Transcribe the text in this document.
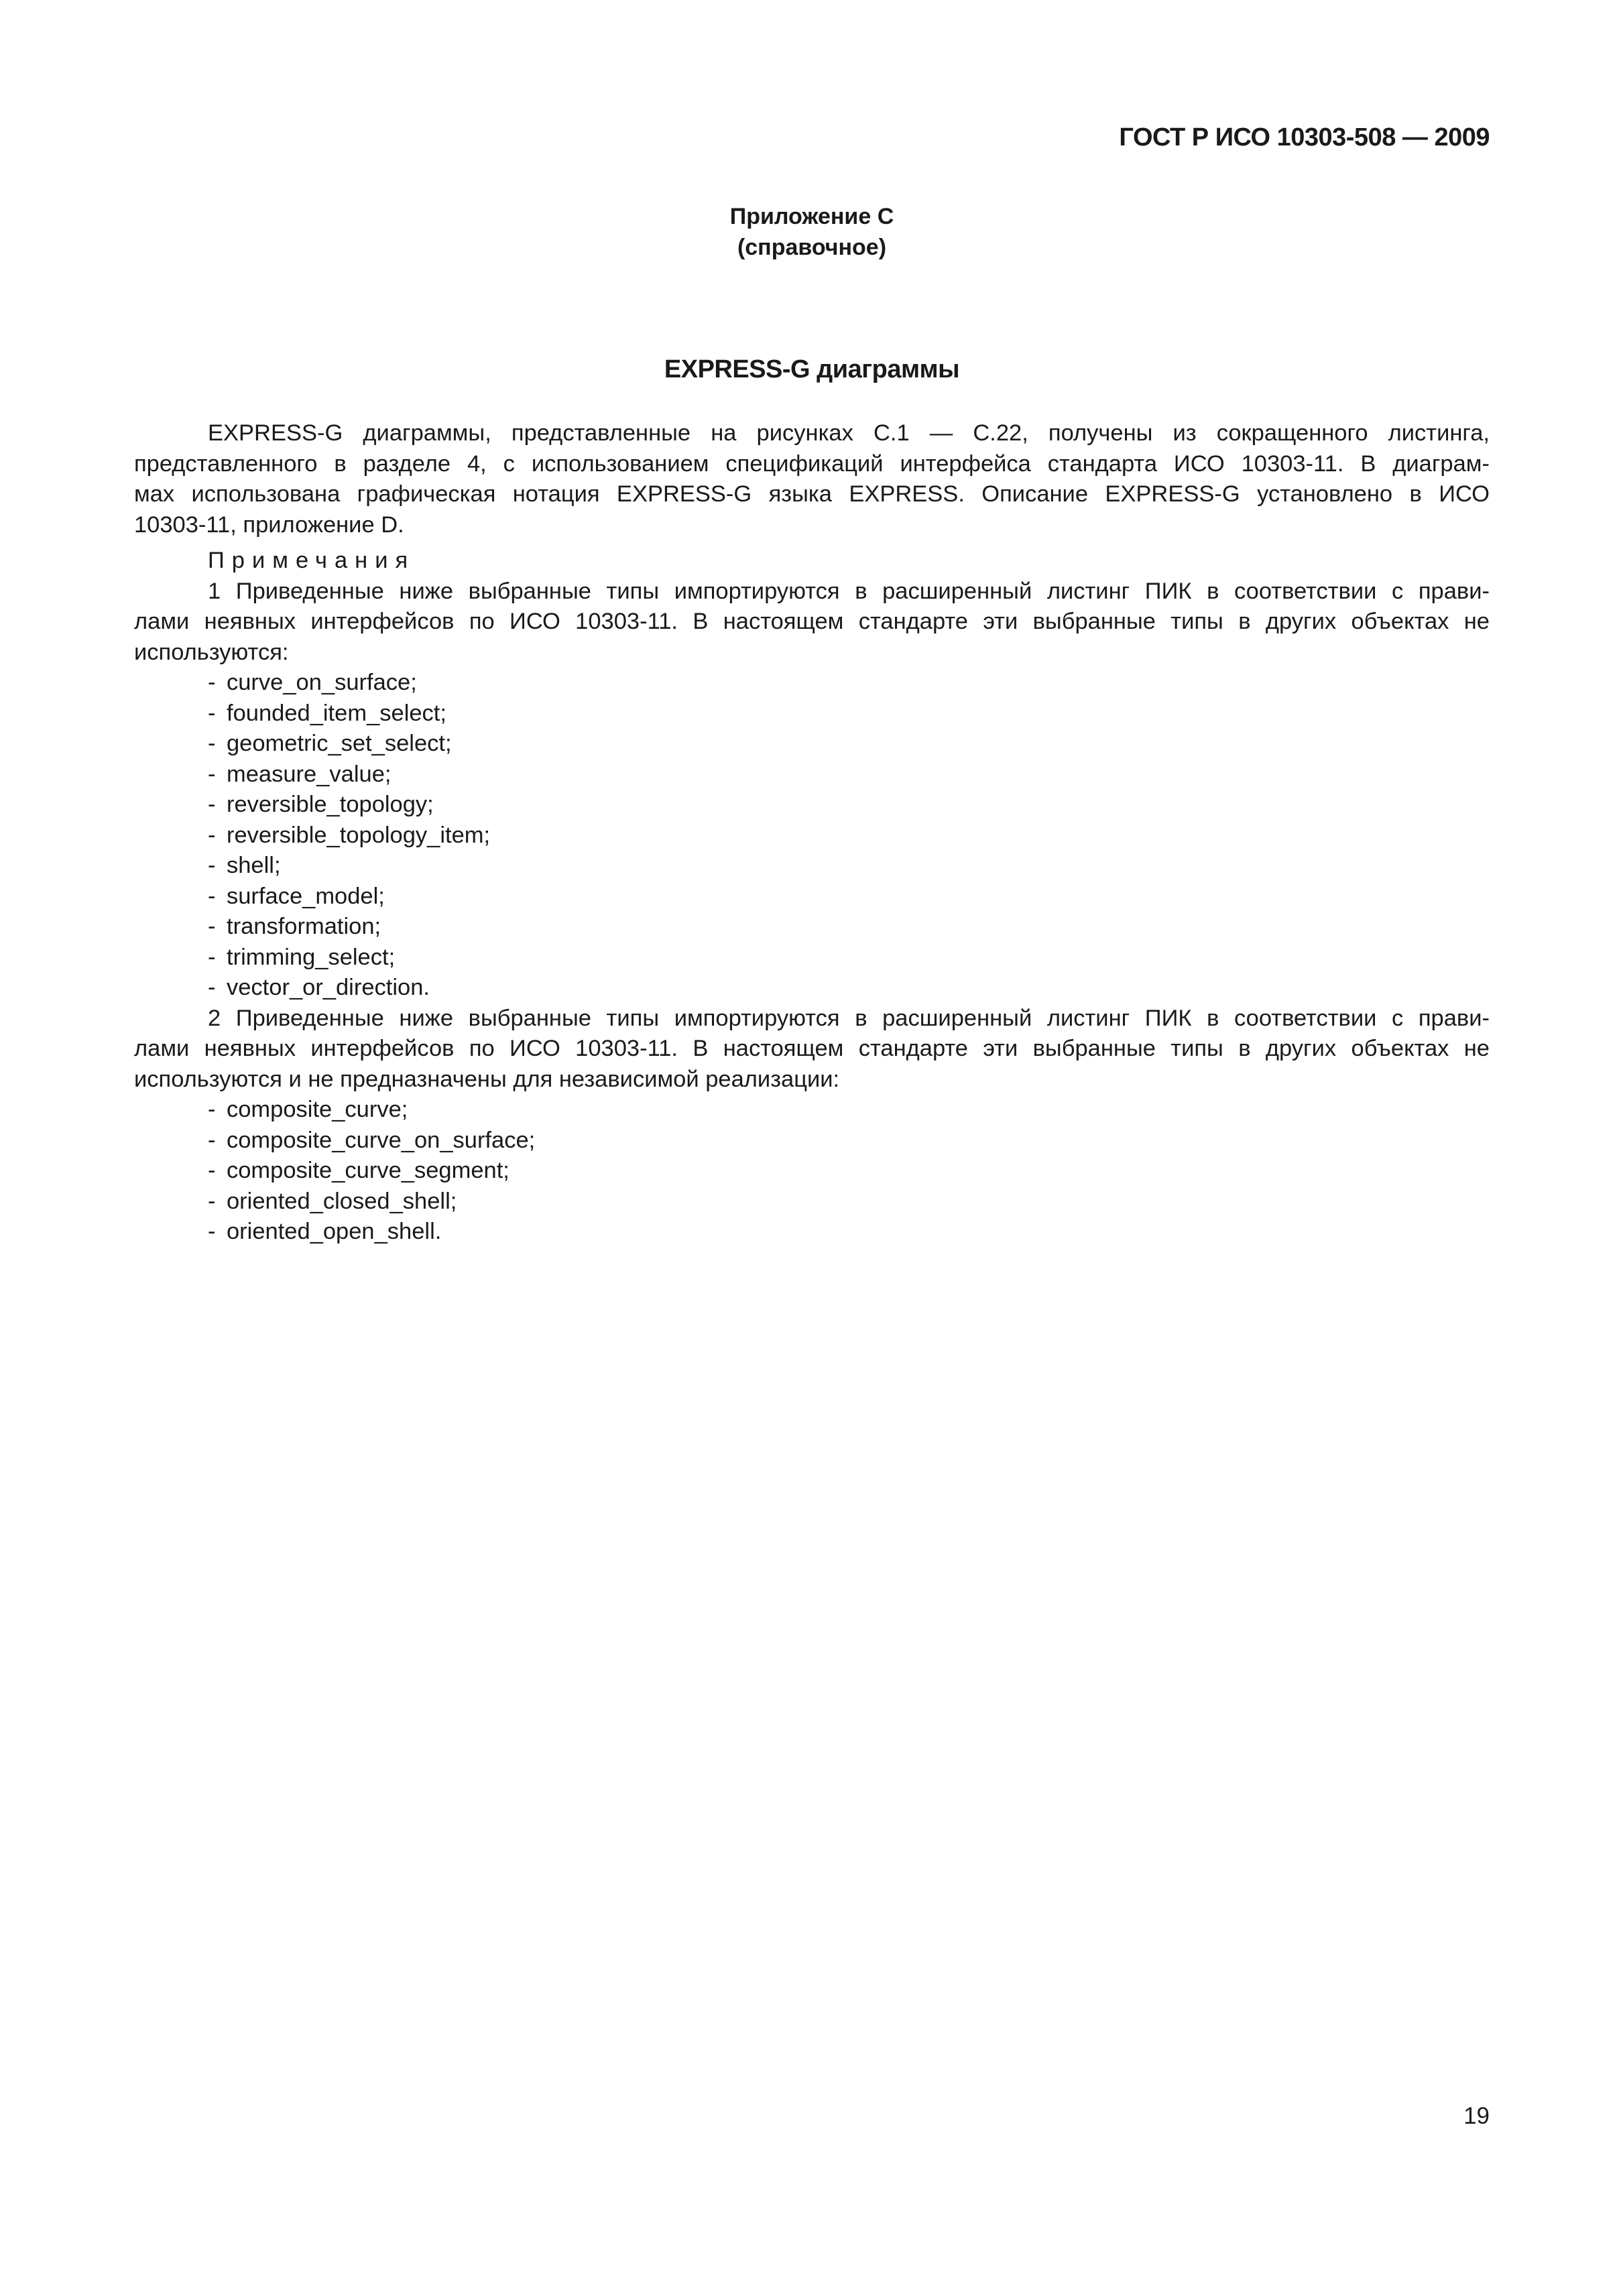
ГОСТ Р ИСО 10303-508 — 2009
Приложение С
(справочное)
EXPRESS-G диаграммы
EXPRESS-G диаграммы, представленные на рисунках С.1 — С.22, получены из сокращенного листинга,
представленного в разделе 4, с использованием спецификаций интерфейса стандарта ИСО 10303-11. В диаграм-
мах использована графическая нотация EXPRESS-G языка EXPRESS. Описание EXPRESS-G установлено в ИСО
10303-11, приложение D.
Примечания
1 Приведенные ниже выбранные типы импортируются в расширенный листинг ПИК в соответствии с прави-
лами неявных интерфейсов по ИСО 10303-11. В настоящем стандарте эти выбранные типы в других объектах не
используются:
- curve_on_surface;
- founded_item_select;
- geometric_set_select;
- measure_value;
- reversible_topology;
- reversible_topology_item;
- shell;
- surface_model;
- transformation;
- trimming_select;
- vector_or_direction.
2 Приведенные ниже выбранные типы импортируются в расширенный листинг ПИК в соответствии с прави-
лами неявных интерфейсов по ИСО 10303-11. В настоящем стандарте эти выбранные типы в других объектах не
используются и не предназначены для независимой реализации:
- composite_curve;
- composite_curve_on_surface;
- composite_curve_segment;
- oriented_closed_shell;
- oriented_open_shell.
19
